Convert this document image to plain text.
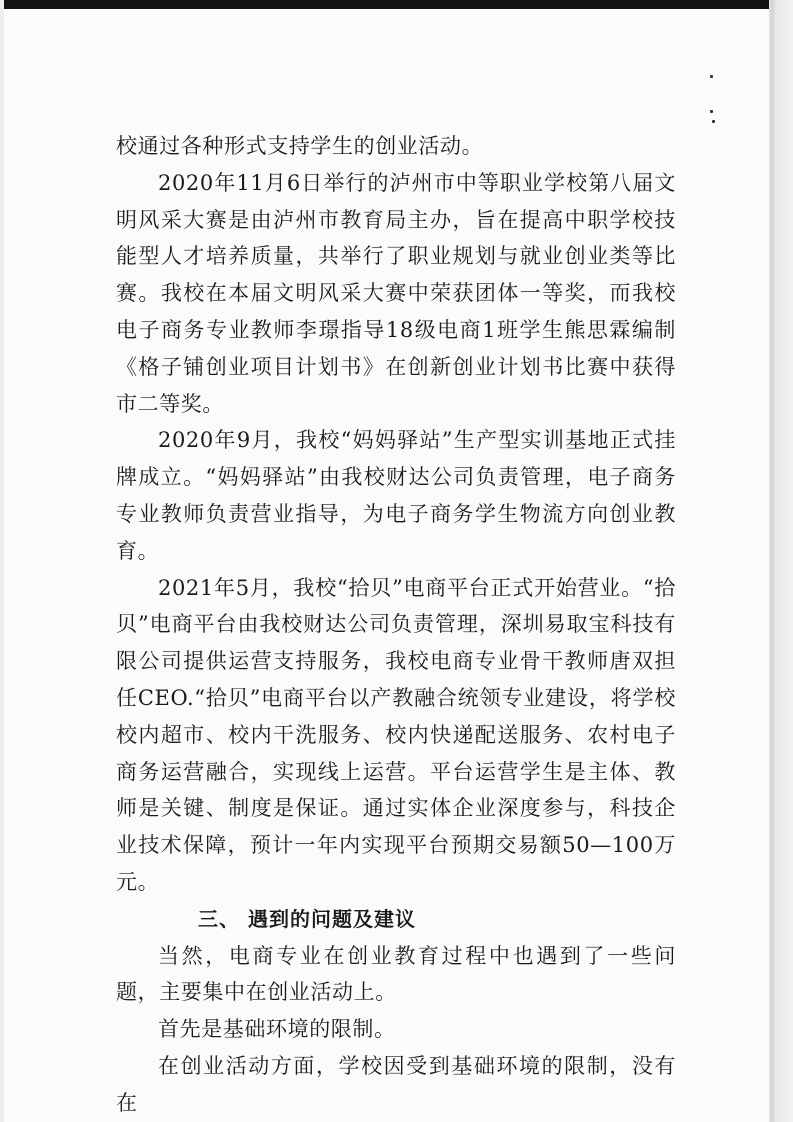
校通过各种形式支持学生的创业活动。

2020年11月6日举行的泸州市中等职业学校第八届文明风采大赛是由泸州市教育局主办，旨在提高中职学校技能型人才培养质量，共举行了职业规划与就业创业类等比赛。我校在本届文明风采大赛中荣获团体一等奖，而我校电子商务专业教师李璟指导18级电商1班学生熊思霖编制《格子铺创业项目计划书》在创新创业计划书比赛中获得市二等奖。

2020年9月，我校“妈妈驿站”生产型实训基地正式挂牌成立。“妈妈驿站”由我校财达公司负责管理，电子商务专业教师负责营业指导，为电子商务学生物流方向创业教育。

2021年5月，我校“拾贝”电商平台正式开始营业。“拾贝”电商平台由我校财达公司负责管理，深圳易取宝科技有限公司提供运营支持服务，我校电商专业骨干教师唐双担任CEO.“拾贝”电商平台以产教融合统领专业建设，将学校校内超市、校内干洗服务、校内快递配送服务、农村电子商务运营融合，实现线上运营。平台运营学生是主体、教师是关键、制度是保证。通过实体企业深度参与，科技企业技术保障，预计一年内实现平台预期交易额50—100万元。

三、 遇到的问题及建议

当然，电商专业在创业教育过程中也遇到了一些问题，主要集中在创业活动上。

首先是基础环境的限制。

在创业活动方面，学校因受到基础环境的限制，没有在
